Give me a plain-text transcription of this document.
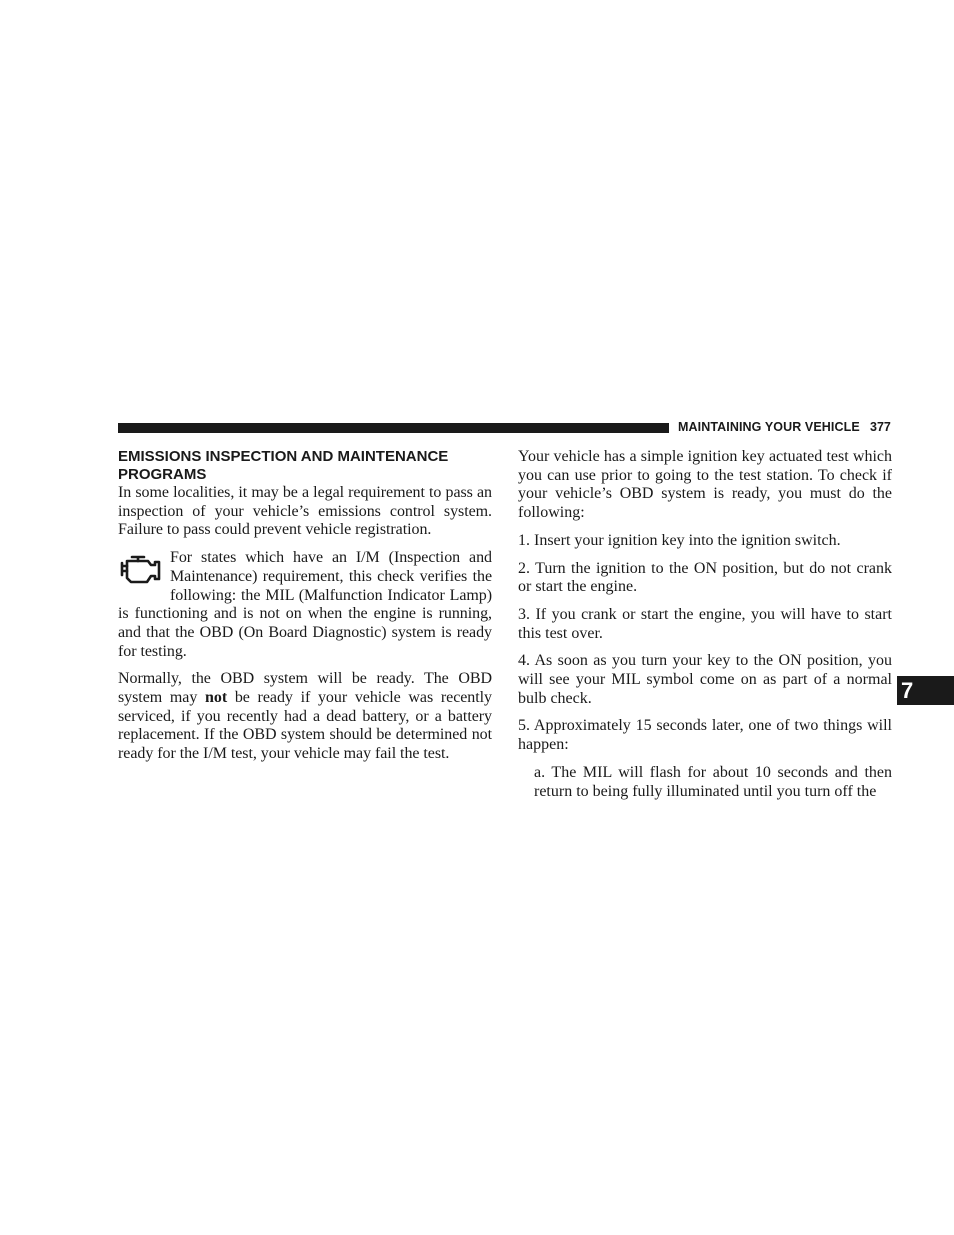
MAINTAINING YOUR VEHICLE 377
EMISSIONS INSPECTION AND MAINTENANCE PROGRAMS

In some localities, it may be a legal requirement to pass an inspection of your vehicle’s emissions control system. Failure to pass could prevent vehicle registration.

For states which have an I/M (Inspection and Maintenance) requirement, this check verifies the following: the MIL (Malfunction Indicator Lamp) is functioning and is not on when the engine is running, and that the OBD (On Board Diagnostic) system is ready for testing.

Normally, the OBD system will be ready. The OBD system may not be ready if your vehicle was recently serviced, if you recently had a dead battery, or a battery replacement. If the OBD system should be determined not ready for the I/M test, your vehicle may fail the test.

Your vehicle has a simple ignition key actuated test which you can use prior to going to the test station. To check if your vehicle’s OBD system is ready, you must do the following:

1. Insert your ignition key into the ignition switch.

2. Turn the ignition to the ON position, but do not crank or start the engine.

3. If you crank or start the engine, you will have to start this test over.

4. As soon as you turn your key to the ON position, you will see your MIL symbol come on as part of a normal bulb check.

5. Approximately 15 seconds later, one of two things will happen:

a. The MIL will flash for about 10 seconds and then return to being fully illuminated until you turn off the

7
